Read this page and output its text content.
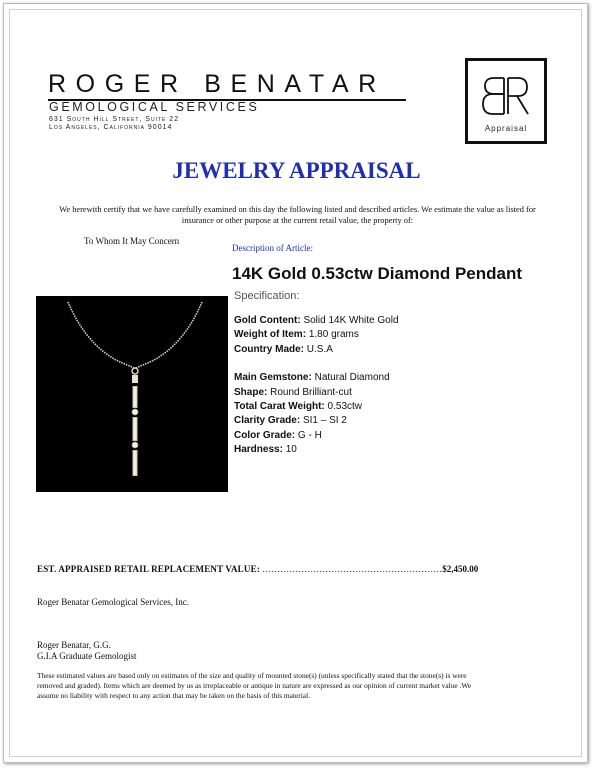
ROGER BENATAR
GEMOLOGICAL SERVICES
631 South Hill Street, Suite 22
Los Angeles, California 90014	Appraisal
JEWELRY APPRAISAL
We herewith certify that we have carefully examined on this day the following listed and described articles. We estimate the value as listed for insurance or other purpose at the current retail value, the property of:
To Whom It May Concern
Description of Article:
14K Gold 0.53ctw Diamond Pendant
Specification:
Gold Content: Solid 14K White Gold
Weight of Item: 1.80 grams
Country Made: U.S.A
Main Gemstone: Natural Diamond
Shape: Round Brilliant-cut
Total Carat Weight: 0.53ctw
Clarity Grade: SI1 – SI 2
Color Grade: G - H
Hardness: 10
EST. APPRAISED RETAIL REPLACEMENT VALUE: ……………………………………………………$2,450.00
Roger Benatar Gemological Services, Inc.
Roger Benatar, G.G.
G.I.A Graduate Gemologist
These estimated values are based only on estimates of the size and quality of mounted stone(s) (unless specifically stated that the stone(s) is were removed and graded). Items which are deemed by us as irreplaceable or antique in nature are expressed as our opinion of current market value .We assume no liability with respect to any action that may be taken on the basis of this material.
